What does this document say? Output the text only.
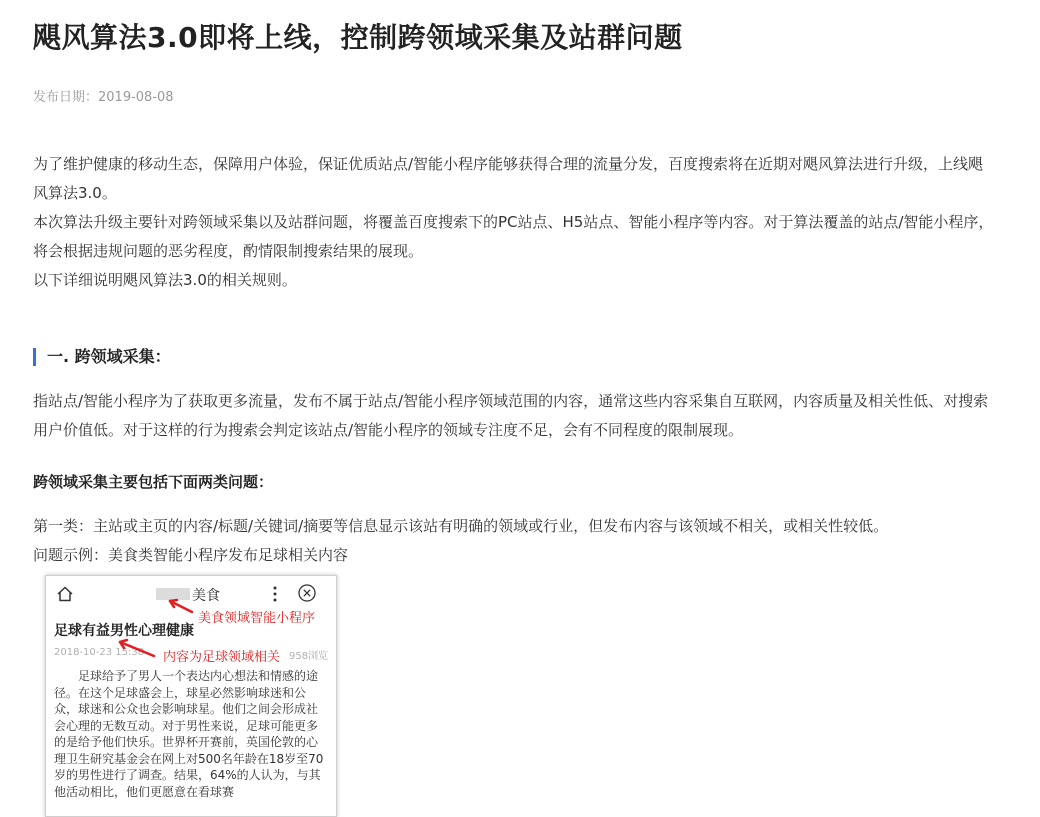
飓风算法3.0即将上线，控制跨领域采集及站群问题
发布日期：2019-08-08
为了维护健康的移动生态，保障用户体验，保证优质站点/智能小程序能够获得合理的流量分发，百度搜索将在近期对飓风算法进行升级，上线飓风算法3.0。
本次算法升级主要针对跨领域采集以及站群问题，将覆盖百度搜索下的PC站点、H5站点、智能小程序等内容。对于算法覆盖的站点/智能小程序，将会根据违规问题的恶劣程度，酌情限制搜索结果的展现。
以下详细说明飓风算法3.0的相关规则。
一. 跨领域采集：
指站点/智能小程序为了获取更多流量，发布不属于站点/智能小程序领域范围的内容，通常这些内容采集自互联网，内容质量及相关性低、对搜索用户价值低。对于这样的行为搜索会判定该站点/智能小程序的领域专注度不足，会有不同程度的限制展现。
跨领域采集主要包括下面两类问题：
第一类：主站或主页的内容/标题/关键词/摘要等信息显示该站有明确的领域或行业，但发布内容与该领域不相关，或相关性较低。
问题示例：美食类智能小程序发布足球相关内容
美食
足球有益男性心理健康
2018-10-23 15:38	958浏览
足球给予了男人一个表达内心想法和情感的途径。在这个足球盛会上，球星必然影响球迷和公众，球迷和公众也会影响球星。他们之间会形成社会心理的无数互动。对于男性来说，足球可能更多的是给予他们快乐。世界杯开赛前，英国伦敦的心理卫生研究基金会在网上对500名年龄在18岁至70岁的男性进行了调查。结果，64%的人认为，与其他活动相比，他们更愿意在看球赛
美食领域智能小程序
内容为足球领域相关
